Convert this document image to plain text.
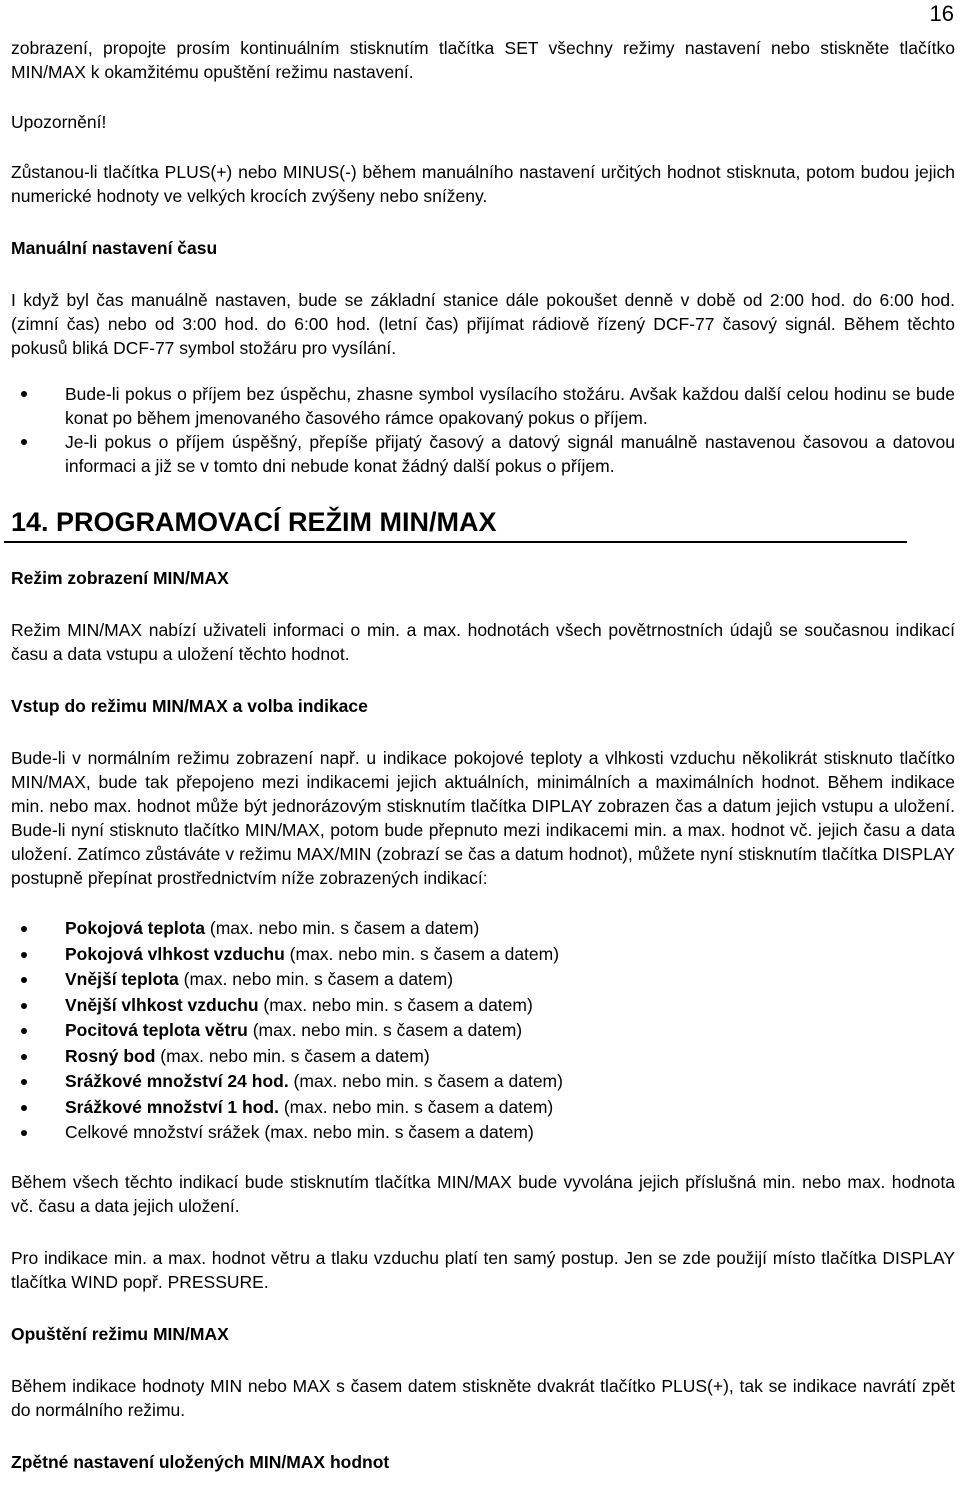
16

zobrazení, propojte prosím kontinuálním stisknutím tlačítka SET všechny režimy nastavení nebo stiskněte tlačítko MIN/MAX k okamžitému opuštění režimu nastavení.

Upozornění!

Zůstanou-li tlačítka PLUS(+) nebo MINUS(-) během manuálního nastavení určitých hodnot stisknuta, potom budou jejich numerické hodnoty ve velkých krocích zvýšeny nebo sníženy.

Manuální nastavení času

I když byl čas manuálně nastaven, bude se základní stanice dále pokoušet denně v době od 2:00 hod. do 6:00 hod. (zimní čas) nebo od 3:00 hod. do 6:00 hod. (letní čas) přijímat rádiově řízený DCF-77 časový signál. Během těchto pokusů bliká DCF-77 symbol stožáru pro vysílání.

Bude-li pokus o příjem bez úspěchu, zhasne symbol vysílacího stožáru. Avšak každou další celou hodinu se bude konat po během jmenovaného časového rámce opakovaný pokus o příjem.
Je-li pokus o příjem úspěšný, přepíše přijatý časový a datový signál manuálně nastavenou časovou a datovou informaci a již se v tomto dni nebude konat žádný další pokus o příjem.
14. PROGRAMOVACÍ REŽIM MIN/MAX

Režim zobrazení MIN/MAX

Režim MIN/MAX nabízí uživateli informaci o min. a max. hodnotách všech povětrnostních údajů se současnou indikací času a data vstupu a uložení těchto hodnot.

Vstup do režimu MIN/MAX a volba indikace

Bude-li v normálním režimu zobrazení např. u indikace pokojové teploty a vlhkosti vzduchu několikrát stisknuto tlačítko MIN/MAX, bude tak přepojeno mezi indikacemi jejich aktuálních, minimálních a maximálních hodnot. Během indikace min. nebo max. hodnot může být jednorázovým stisknutím tlačítka DIPLAY zobrazen čas a datum jejich vstupu a uložení. Bude-li nyní stisknuto tlačítko MIN/MAX, potom bude přepnuto mezi indikacemi min. a max. hodnot vč. jejich času a data uložení. Zatímco zůstáváte v režimu MAX/MIN (zobrazí se čas a datum hodnot), můžete nyní stisknutím tlačítka DISPLAY postupně přepínat prostřednictvím níže zobrazených indikací:

Pokojová teplota (max. nebo min. s časem a datem)
Pokojová vlhkost vzduchu (max. nebo min. s časem a datem)
Vnější teplota (max. nebo min. s časem a datem)
Vnější vlhkost vzduchu (max. nebo min. s časem a datem)
Pocitová teplota větru (max. nebo min. s časem a datem)
Rosný bod (max. nebo min. s časem a datem)
Srážkové množství 24 hod. (max. nebo min. s časem a datem)
Srážkové množství 1 hod. (max. nebo min. s časem a datem)
Celkové množství srážek (max. nebo min. s časem a datem)

Během všech těchto indikací bude stisknutím tlačítka MIN/MAX bude vyvolána jejich příslušná min. nebo max. hodnota vč. času a data jejich uložení.

Pro indikace min. a max. hodnot větru a tlaku vzduchu platí ten samý postup. Jen se zde použijí místo tlačítka DISPLAY tlačítka WIND popř. PRESSURE.

Opuštění režimu MIN/MAX

Během indikace hodnoty MIN nebo MAX s časem datem stiskněte dvakrát tlačítko PLUS(+), tak se indikace navrátí zpět do normálního režimu.

Zpětné nastavení uložených MIN/MAX hodnot
